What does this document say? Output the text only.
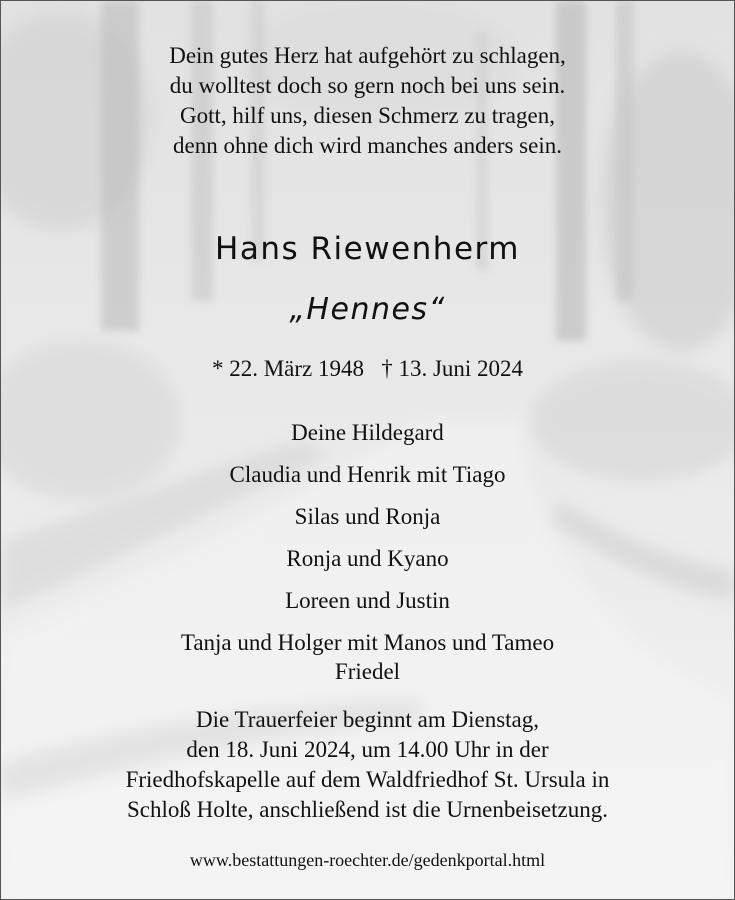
Dein gutes Herz hat aufgehört zu schlagen,
du wolltest doch so gern noch bei uns sein.
Gott, hilf uns, diesen Schmerz zu tragen,
denn ohne dich wird manches anders sein.
Hans Riewenherm
„Hennes“
* 22. März 1948   † 13. Juni 2024
Deine Hildegard
Claudia und Henrik mit Tiago
Silas und Ronja
Ronja und Kyano
Loreen und Justin
Tanja und Holger mit Manos und Tameo
Friedel
Die Trauerfeier beginnt am Dienstag,
den 18. Juni 2024, um 14.00 Uhr in der
Friedhofskapelle auf dem Waldfriedhof St. Ursula in
Schloß Holte, anschließend ist die Urnenbeisetzung.
www.bestattungen-roechter.de/gedenkportal.html
